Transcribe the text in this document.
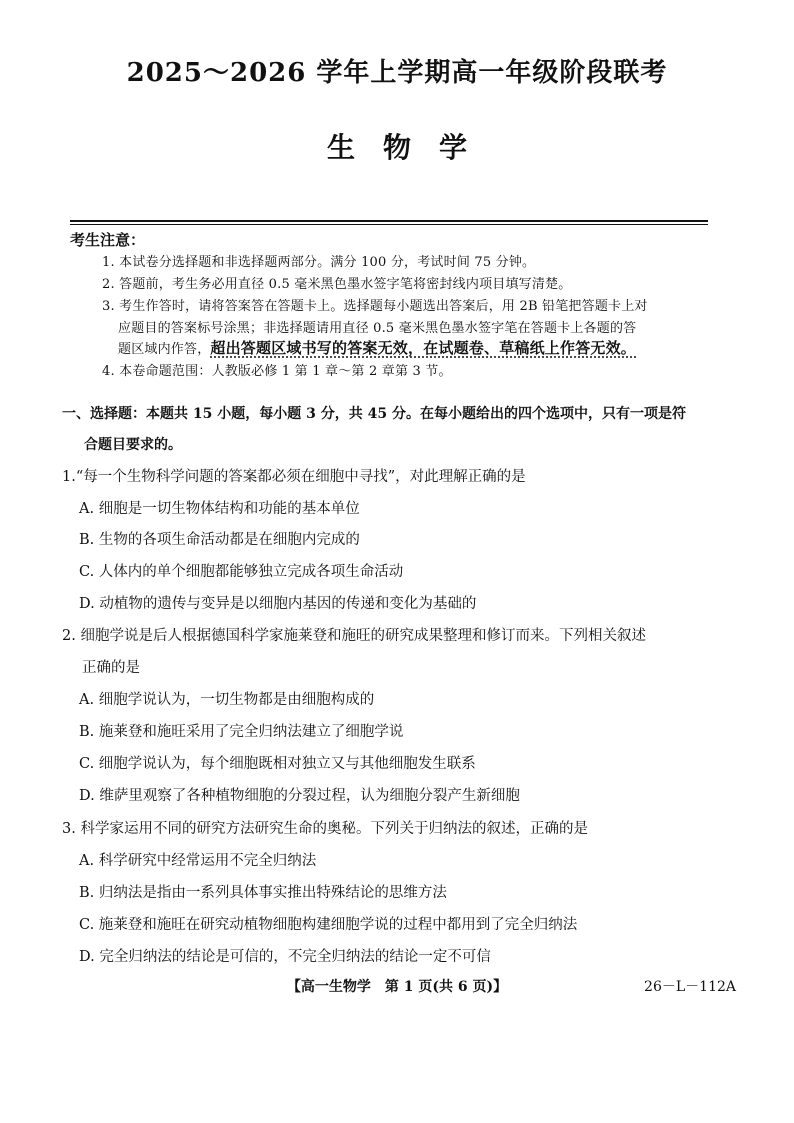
2025～2026 学年上学期高一年级阶段联考
生物学
考生注意：
1. 本试卷分选择题和非选择题两部分。满分 100 分，考试时间 75 分钟。
2. 答题前，考生务必用直径 0.5 毫米黑色墨水签字笔将密封线内项目填写清楚。
3. 考生作答时，请将答案答在答题卡上。选择题每小题选出答案后，用 2B 铅笔把答题卡上对
应题目的答案标号涂黑；非选择题请用直径 0.5 毫米黑色墨水签字笔在答题卡上各题的答
题区域内作答，超出答题区域书写的答案无效，在试题卷、草稿纸上作答无效。
4. 本卷命题范围：人教版必修 1 第 1 章～第 2 章第 3 节。
一、选择题：本题共 15 小题，每小题 3 分，共 45 分。在每小题给出的四个选项中，只有一项是符
合题目要求的。
1.“每一个生物科学问题的答案都必须在细胞中寻找”，对此理解正确的是
A. 细胞是一切生物体结构和功能的基本单位
B. 生物的各项生命活动都是在细胞内完成的
C. 人体内的单个细胞都能够独立完成各项生命活动
D. 动植物的遗传与变异是以细胞内基因的传递和变化为基础的
2. 细胞学说是后人根据德国科学家施莱登和施旺的研究成果整理和修订而来。下列相关叙述
正确的是
A. 细胞学说认为，一切生物都是由细胞构成的
B. 施莱登和施旺采用了完全归纳法建立了细胞学说
C. 细胞学说认为，每个细胞既相对独立又与其他细胞发生联系
D. 维萨里观察了各种植物细胞的分裂过程，认为细胞分裂产生新细胞
3. 科学家运用不同的研究方法研究生命的奥秘。下列关于归纳法的叙述，正确的是
A. 科学研究中经常运用不完全归纳法
B. 归纳法是指由一系列具体事实推出特殊结论的思维方法
C. 施莱登和施旺在研究动植物细胞构建细胞学说的过程中都用到了完全归纳法
D. 完全归纳法的结论是可信的，不完全归纳法的结论一定不可信
【高一生物学　第 1 页(共 6 页)】	26－L－112A
